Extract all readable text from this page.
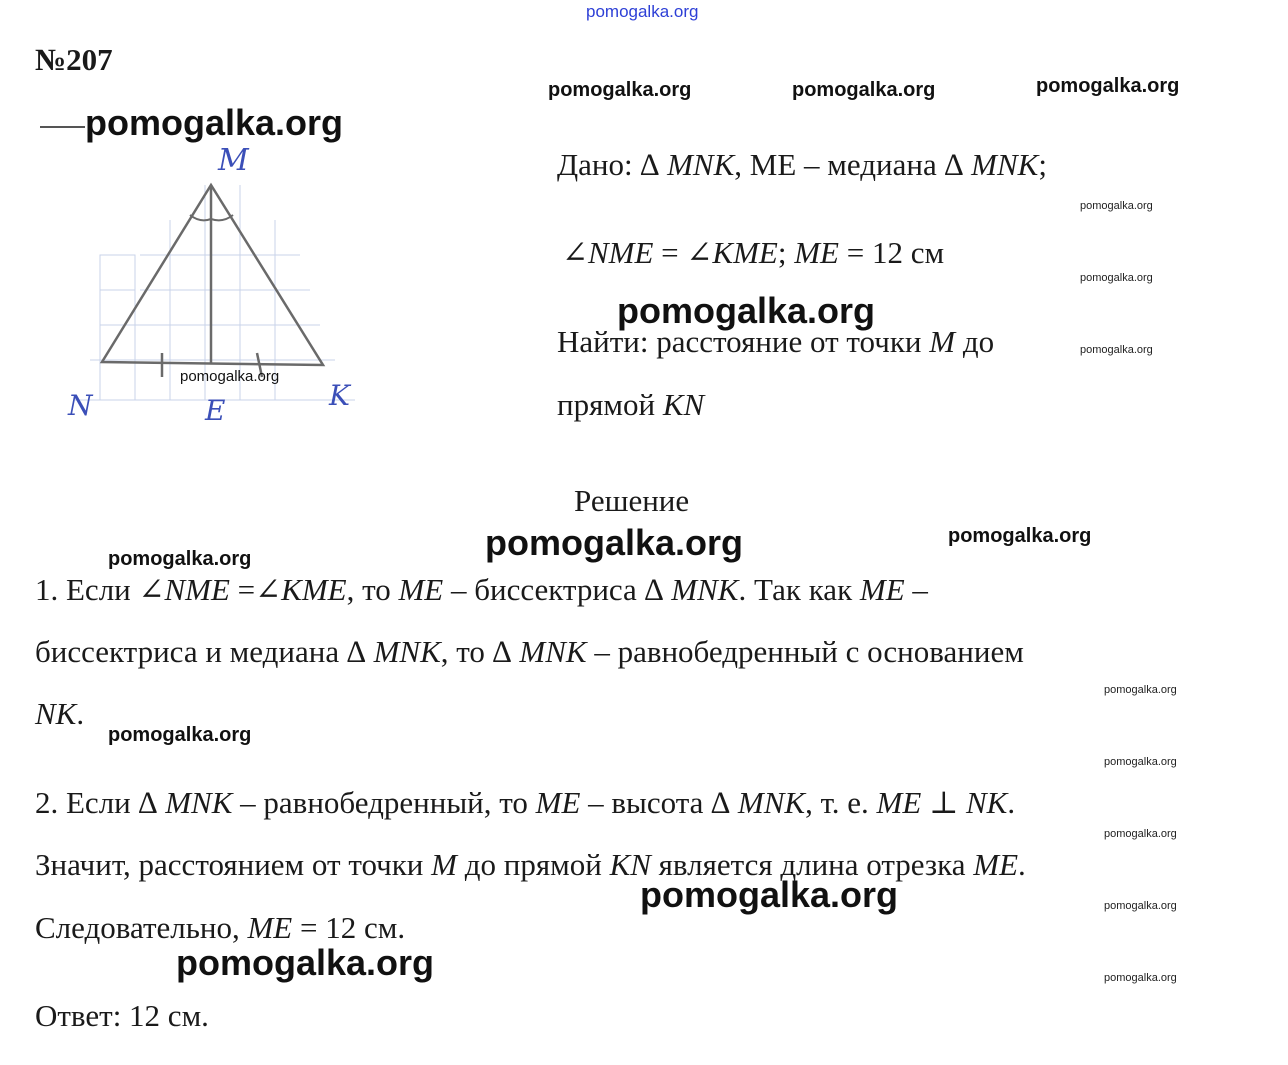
pomogalka.org
№207
M
N	E	K
Дано: ∆ MNK, МЕ – медиана ∆ MNK;
∠NME = ∠KME; ME = 12 см
Найти: расстояние от точки M до
прямой KN
Решение
1. Если ∠NME =∠KME, то ME – биссектриса ∆ MNK. Так как ME –
биссектриса и медиана ∆ MNK, то ∆ MNK – равнобедренный с основанием
NK.
2. Если ∆ MNK – равнобедренный, то ME – высота ∆ MNK, т. е. ME ⊥ NK.
Значит, расстоянием от точки M до прямой KN является длина отрезка ME.
Следовательно, ME = 12 см.
Ответ: 12 см.
pomogalka.org
pomogalka.org
pomogalka.org
pomogalka.org
pomogalka.org
pomogalka.org	pomogalka.org	pomogalka.org
pomogalka.org
pomogalka.org
pomogalka.org
pomogalka.org
pomogalka.org
pomogalka.org
pomogalka.org
pomogalka.org
pomogalka.org
pomogalka.org
pomogalka.org
pomogalka.org
